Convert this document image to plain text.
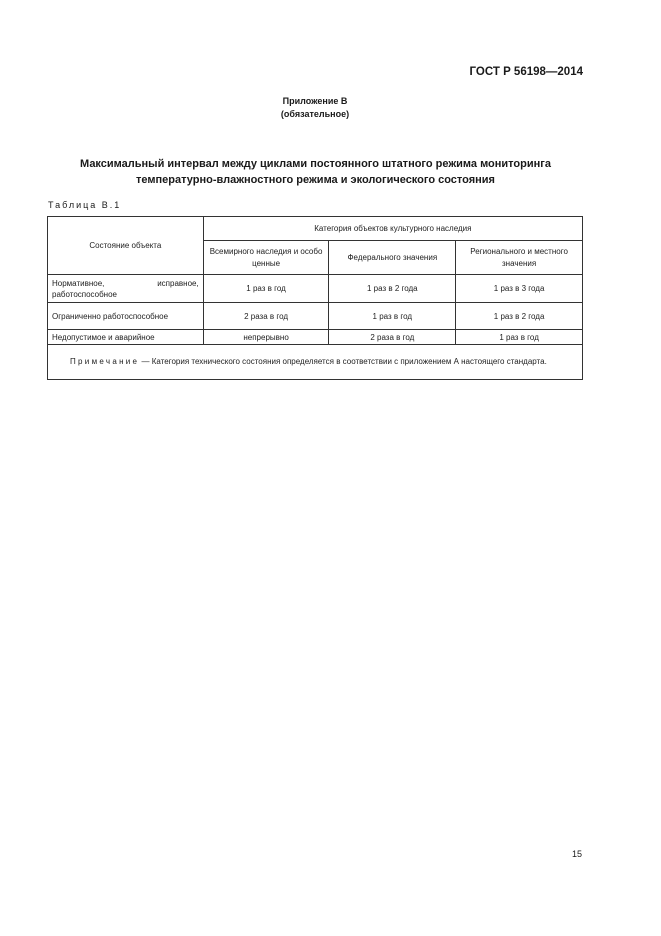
ГОСТ Р 56198—2014
Приложение В
(обязательное)
Максимальный интервал между циклами постоянного штатного режима мониторинга
температурно-влажностного режима и экологического состояния
Таблица В.1
Состояние объекта	Категория объектов культурного наследия		
	Всемирного наследия и особо ценные	Федерального значения	Регионального и местного значения
Нормативное, исправное, работоспособное	1 раз в год	1 раз в 2 года	1 раз в 3 года
Ограниченно работоспособное	2 раза в год	1 раз в год	1 раз в 2 года
Недопустимое и аварийное	непрерывно	2 раза в год	1 раз в год
Примечание — Категория технического состояния определяется в соответствии с приложением А настоящего стандарта.			
15
